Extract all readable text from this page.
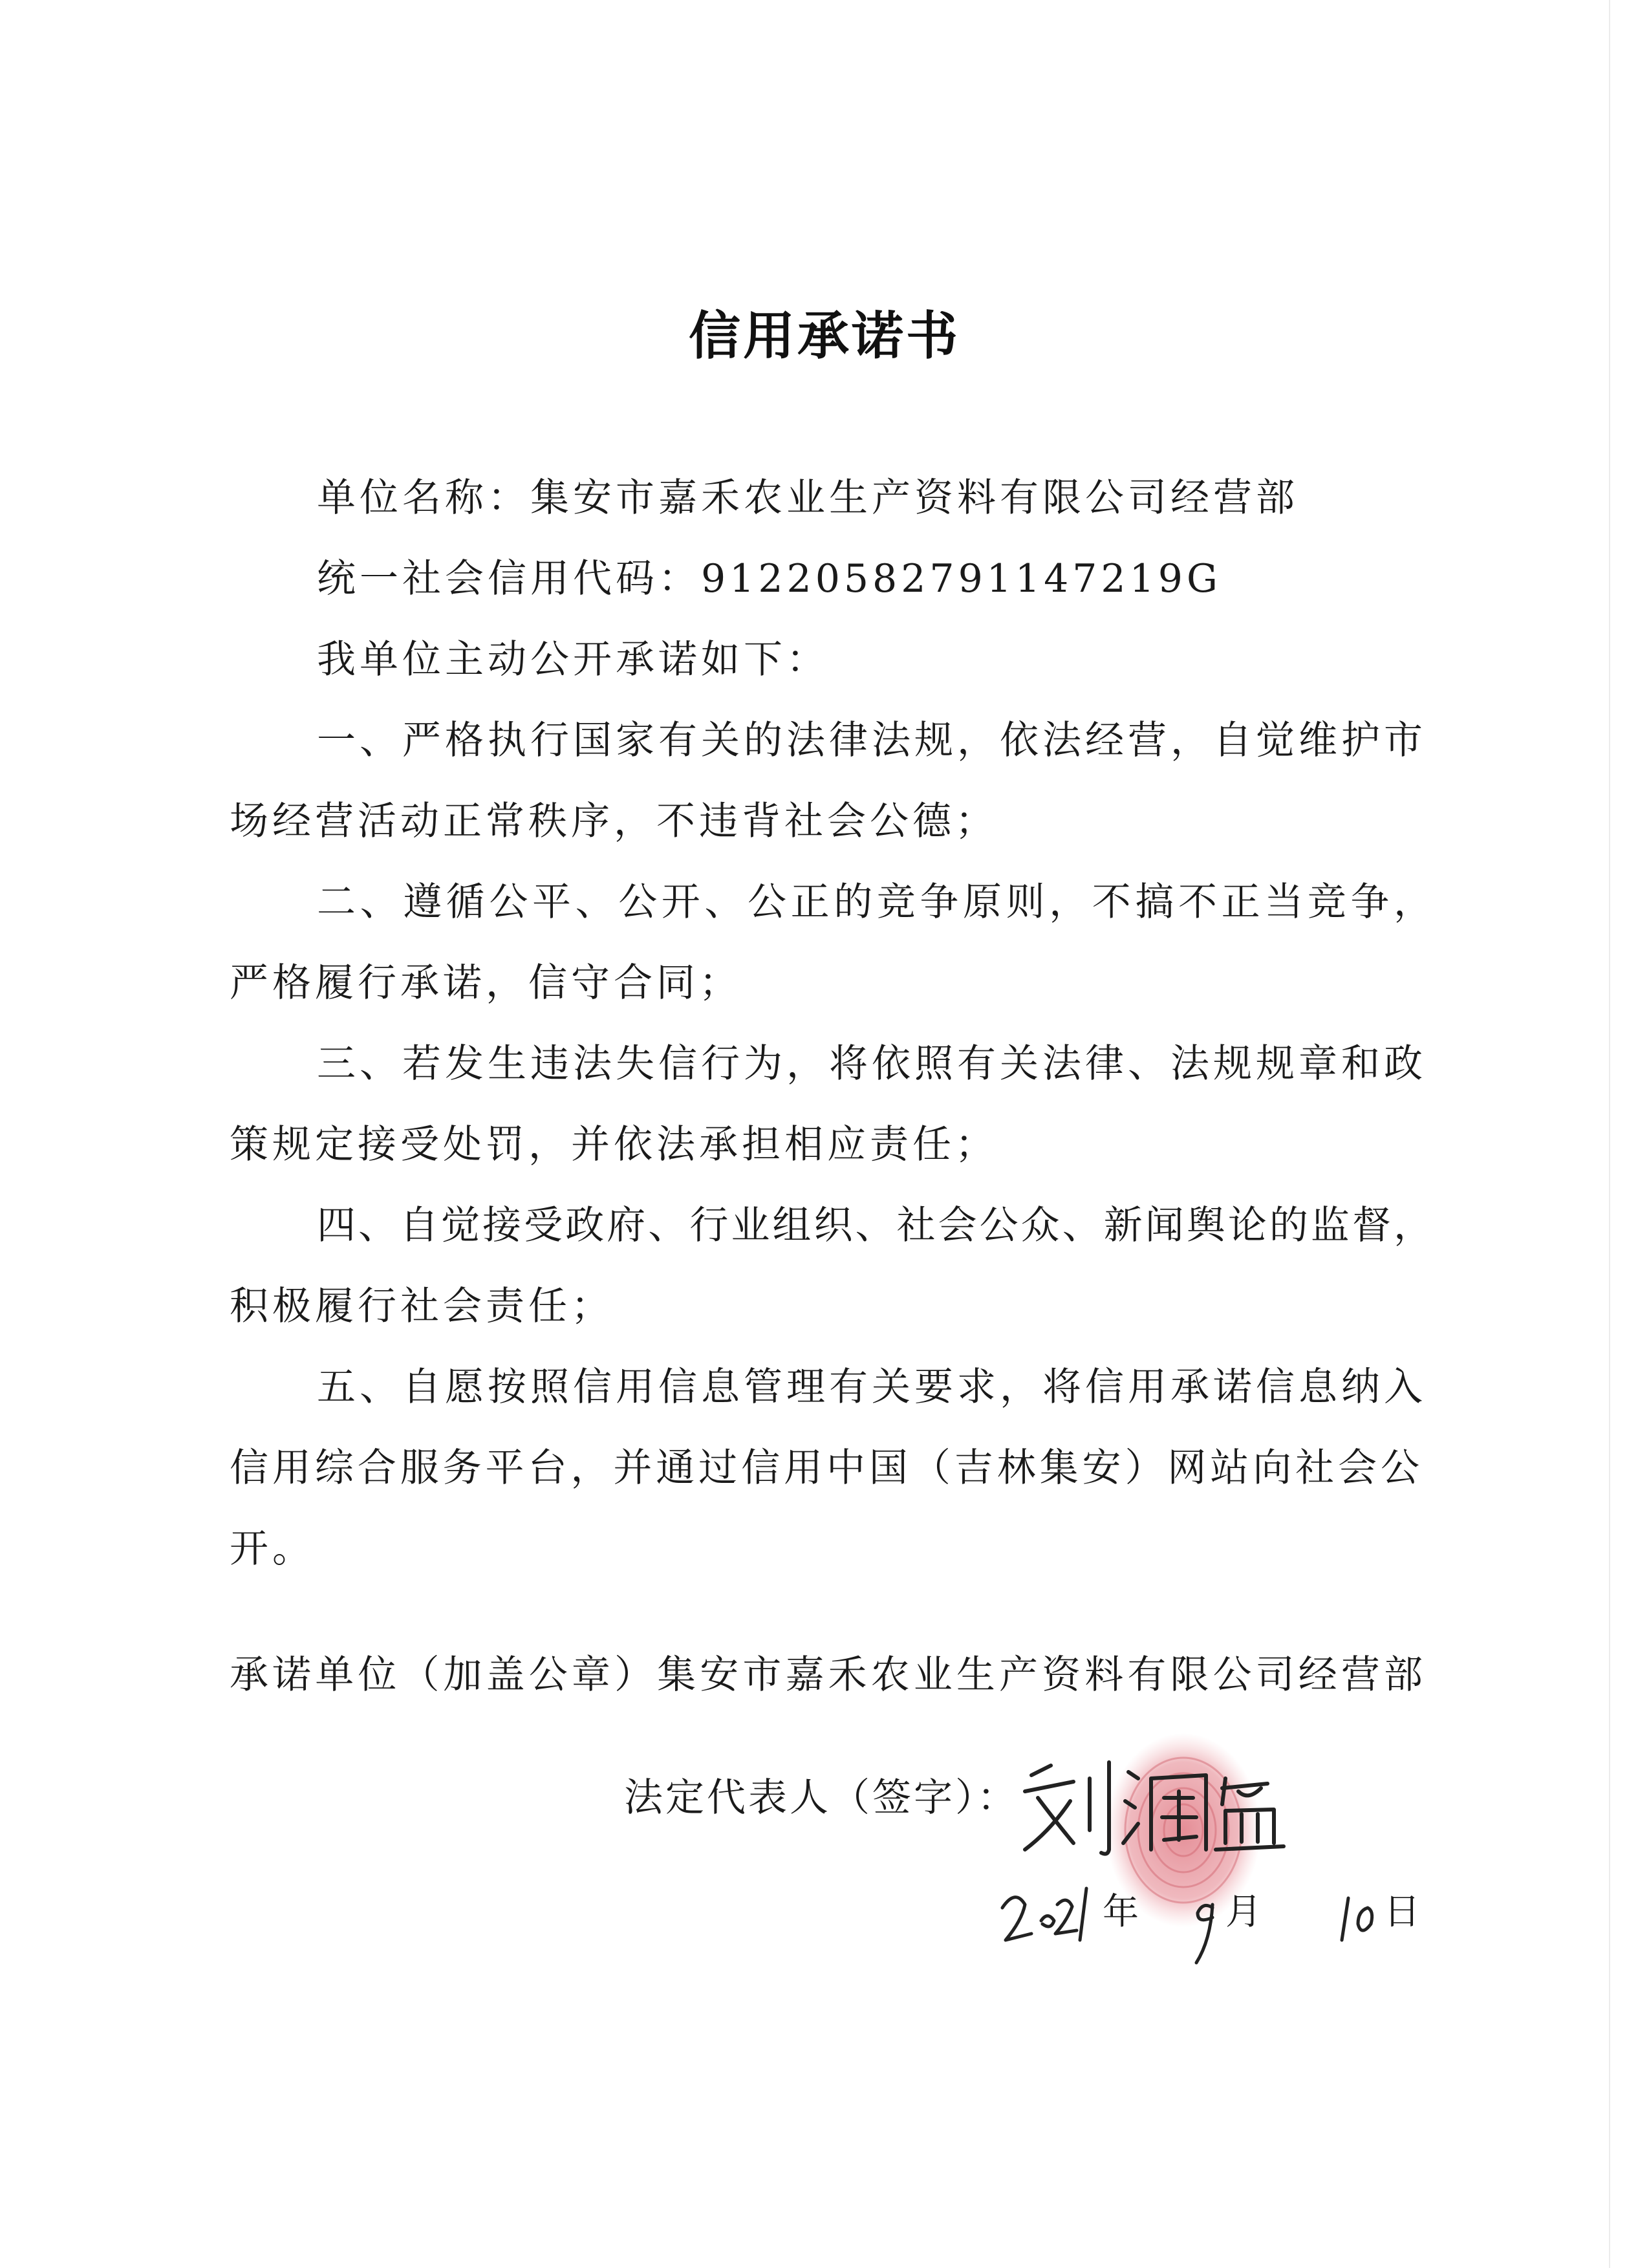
信用承诺书
单位名称：集安市嘉禾农业生产资料有限公司经营部
统一社会信用代码：91220582791147219G
我单位主动公开承诺如下：
一、严格执行国家有关的法律法规，依法经营，自觉维护市
场经营活动正常秩序，不违背社会公德；
二、遵循公平、公开、公正的竞争原则，不搞不正当竞争，
严格履行承诺，信守合同；
三、若发生违法失信行为，将依照有关法律、法规规章和政
策规定接受处罚，并依法承担相应责任；
四、自觉接受政府、行业组织、社会公众、新闻舆论的监督，
积极履行社会责任；
五、自愿按照信用信息管理有关要求，将信用承诺信息纳入
信用综合服务平台，并通过信用中国（吉林集安）网站向社会公
开。
承诺单位（加盖公章）集安市嘉禾农业生产资料有限公司经营部
法定代表人（签字）：
年 月	日
